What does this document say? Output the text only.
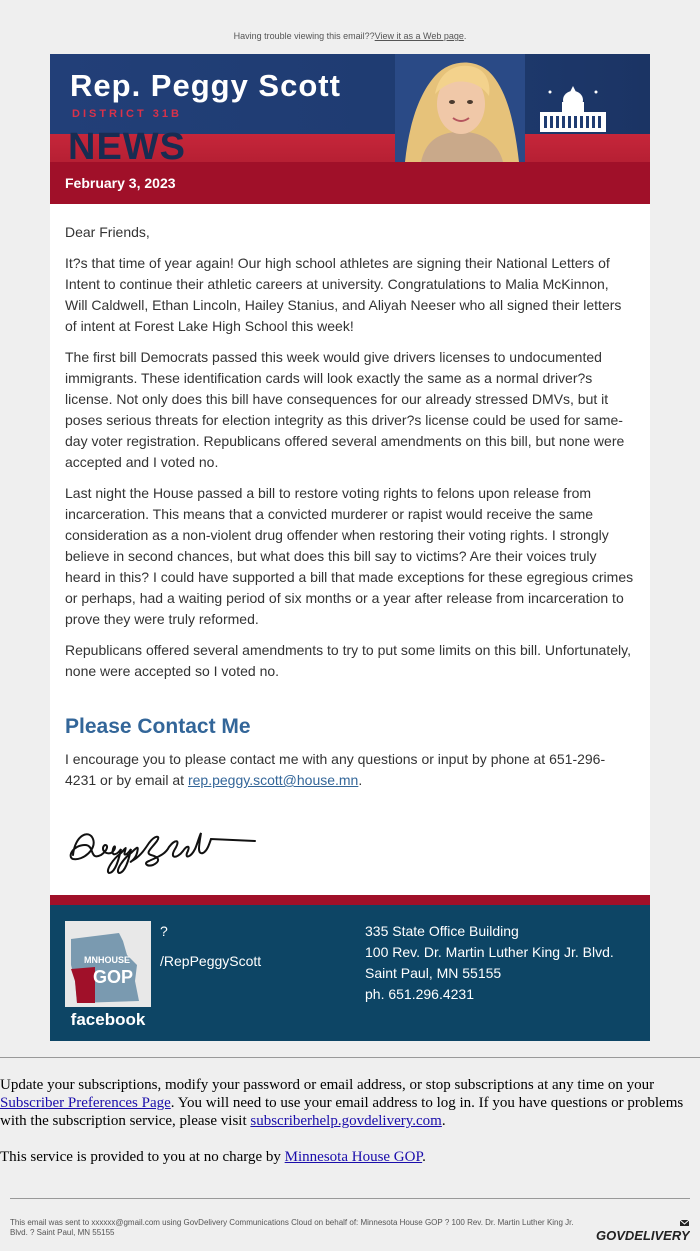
Having trouble viewing this email??View it as a Web page.
Rep. Peggy Scott
DISTRICT 31B
NEWS
February 3, 2023

Dear Friends,

It?s that time of year again! Our high school athletes are signing their National Letters of Intent to continue their athletic careers at university. Congratulations to Malia McKinnon, Will Caldwell, Ethan Lincoln, Hailey Stanius, and Aliyah Neeser who all signed their letters of intent at Forest Lake High School this week!

The first bill Democrats passed this week would give drivers licenses to undocumented immigrants. These identification cards will look exactly the same as a normal driver?s license. Not only does this bill have consequences for our already stressed DMVs, but it poses serious threats for election integrity as this driver?s license could be used for same-day voter registration. Republicans offered several amendments on this bill, but none were accepted and I voted no.

Last night the House passed a bill to restore voting rights to felons upon release from incarceration. This means that a convicted murderer or rapist would receive the same consideration as a non-violent drug offender when restoring their voting rights. I strongly believe in second chances, but what does this bill say to victims? Are their voices truly heard in this? I could have supported a bill that made exceptions for these egregious crimes or perhaps, had a waiting period of six months or a year after release from incarceration to prove they were truly reformed.

Republicans offered several amendments to try to put some limits on this bill. Unfortunately, none were accepted so I voted no.

Please Contact Me

I encourage you to please contact me with any questions or input by phone at 651-296-4231 or by email at rep.peggy.scott@house.mn.

MNHOUSE
GOP
facebook
?
/RepPeggyScott
335 State Office Building
100 Rev. Dr. Martin Luther King Jr. Blvd.
Saint Paul, MN 55155
ph. 651.296.4231

Update your subscriptions, modify your password or email address, or stop subscriptions at any time on your Subscriber Preferences Page. You will need to use your email address to log in. If you have questions or problems with the subscription service, please visit subscriberhelp.govdelivery.com.

This service is provided to you at no charge by Minnesota House GOP.

This email was sent to xxxxxx@gmail.com using GovDelivery Communications Cloud on behalf of: Minnesota House GOP ? 100 Rev. Dr. Martin Luther King Jr. Blvd. ? Saint Paul, MN 55155	GOVDELIVERY
